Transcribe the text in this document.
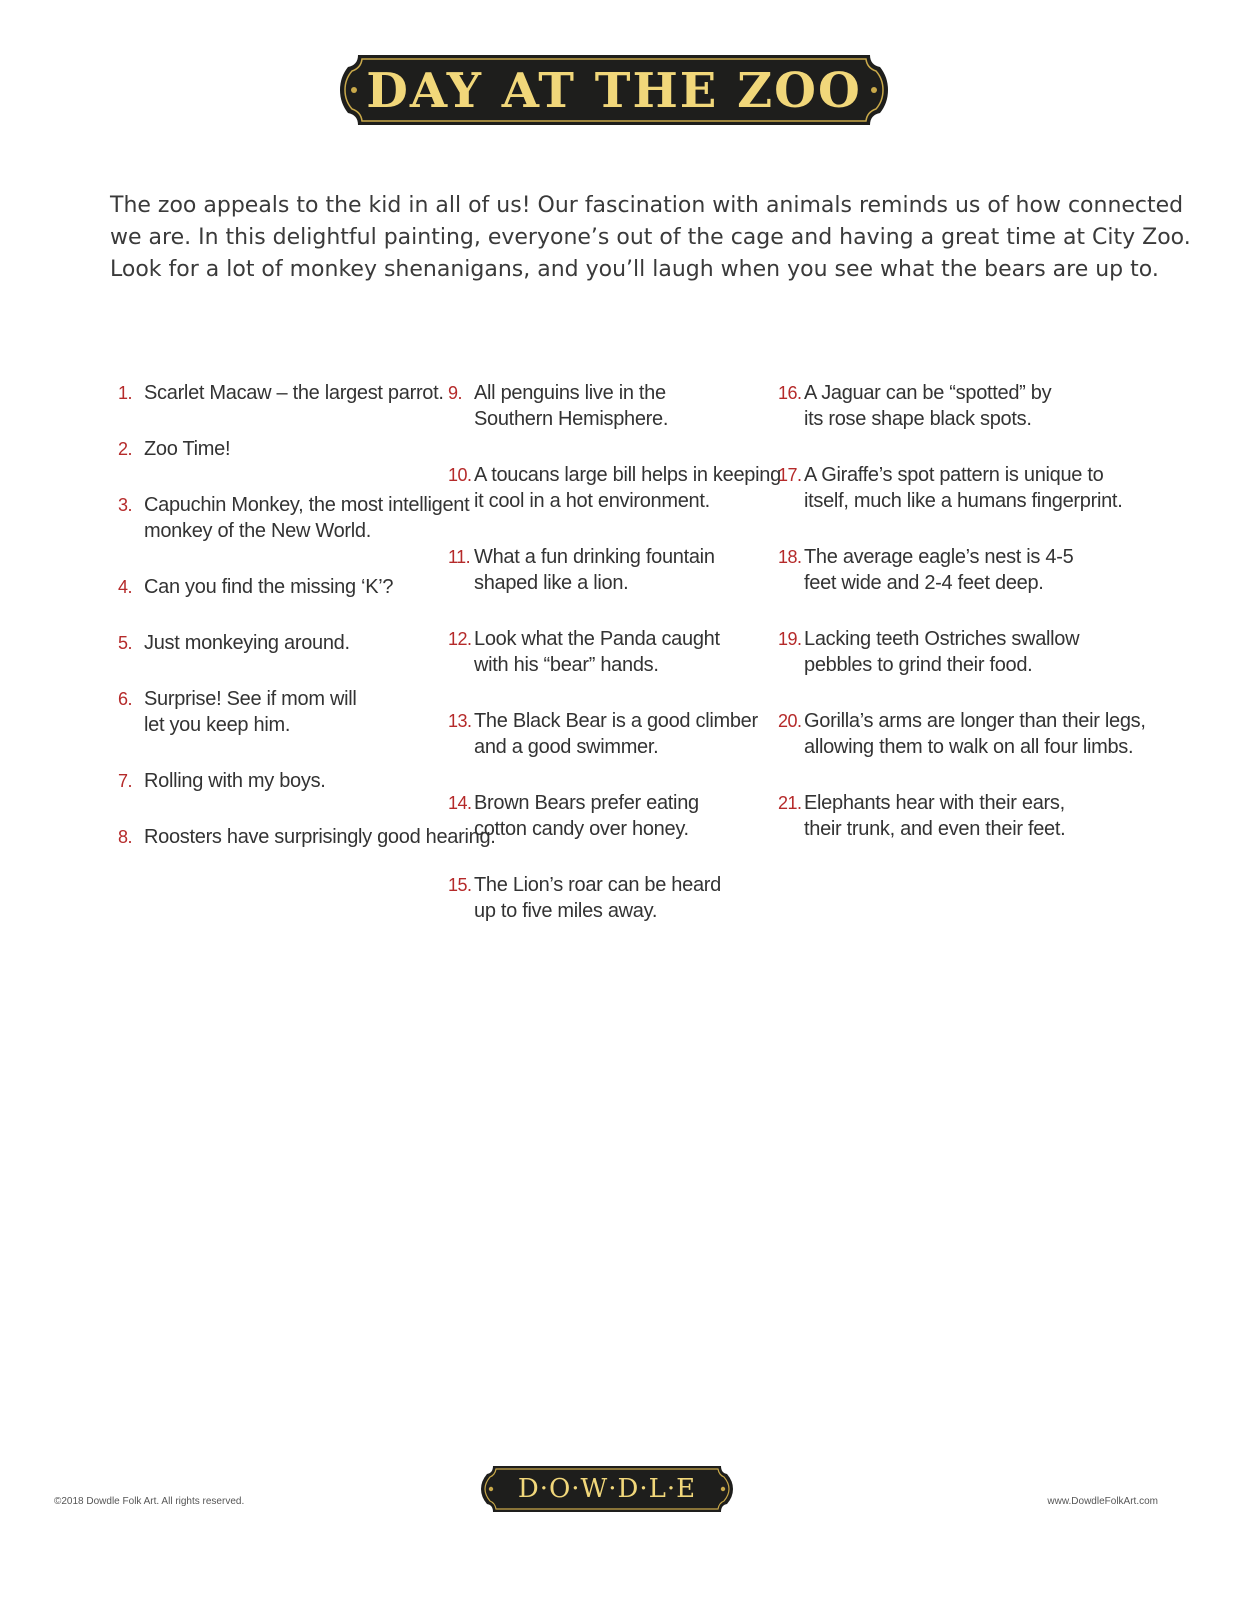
DAY AT THE ZOO
The zoo appeals to the kid in all of us! Our fascination with animals reminds us of how connected
we are. In this delightful painting, everyone’s out of the cage and having a great time at City Zoo.
Look for a lot of monkey shenanigans, and you’ll laugh when you see what the bears are up to.
1. Scarlet Macaw – the largest parrot.
2. Zoo Time!
3. Capuchin Monkey, the most intelligent
monkey of the New World.
4. Can you find the missing ‘K’?
5. Just monkeying around.
6. Surprise! See if mom will
let you keep him.
7. Rolling with my boys.
8. Roosters have surprisingly good hearing.
9. All penguins live in the
Southern Hemisphere.
10. A toucans large bill helps in keeping
it cool in a hot environment.
11. What a fun drinking fountain
shaped like a lion.
12. Look what the Panda caught
with his “bear” hands.
13. The Black Bear is a good climber
and a good swimmer.
14. Brown Bears prefer eating
cotton candy over honey.
15. The Lion’s roar can be heard
up to five miles away.
16. A Jaguar can be “spotted” by
its rose shape black spots.
17. A Giraffe’s spot pattern is unique to
itself, much like a humans fingerprint.
18. The average eagle’s nest is 4-5
feet wide and 2-4 feet deep.
19. Lacking teeth Ostriches swallow
pebbles to grind their food.
20. Gorilla’s arms are longer than their legs,
allowing them to walk on all four limbs.
21. Elephants hear with their ears,
their trunk, and even their feet.
©2018 Dowdle Folk Art. All rights reserved.	D·O·W·D·L·E	www.DowdleFolkArt.com
